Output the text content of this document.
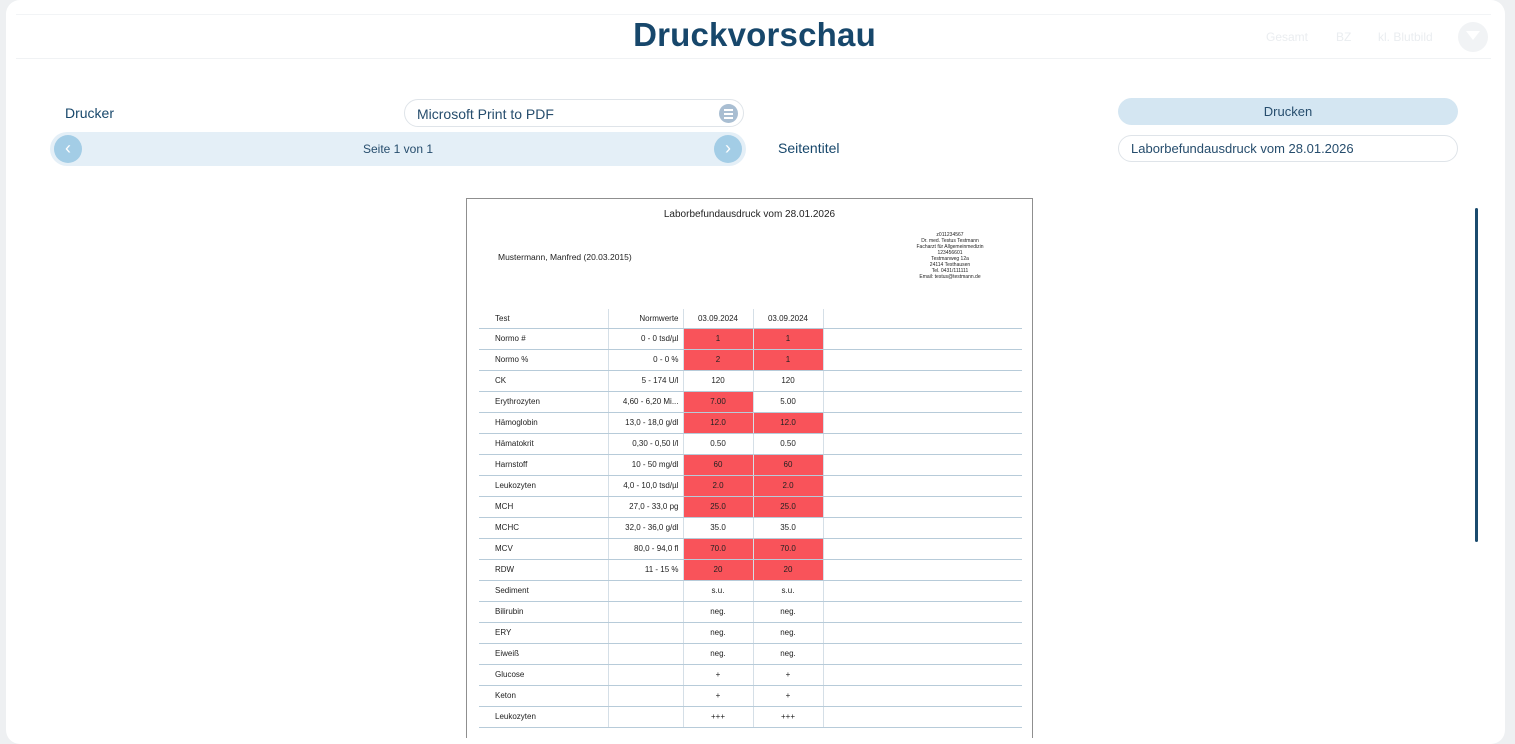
Druckvorschau	Gesamt BZ kl. Blutbild
Drucker	Microsoft Print to PDF
‹	Seite 1 von 1	›	Seitentitel
Drucken
Laborbefundausdruck vom 28.01.2026
Laborbefundausdruck vom 28.01.2026
Mustermann, Manfred (20.03.2015)
z011234567
Dr. med. Testus Testmann
Facharzt für Allgemeinmedizin
123456601
Testmanweg 12a
24114 Testhausen
Tel. 0431/111111
Email: testus@testmann.de
Test	Normwerte	03.09.2024	03.09.2024	
Normo #	0 - 0 tsd/µl	1	1	
Normo %	0 - 0 %	2	1	
CK	5 - 174 U/l	120	120	
Erythrozyten	4,60 - 6,20 Mi...	7.00	5.00	
Hämoglobin	13,0 - 18,0 g/dl	12.0	12.0	
Hämatokrit	0,30 - 0,50 l/l	0.50	0.50	
Harnstoff	10 - 50 mg/dl	60	60	
Leukozyten	4,0 - 10,0 tsd/µl	2.0	2.0	
MCH	27,0 - 33,0 pg	25.0	25.0	
MCHC	32,0 - 36,0 g/dl	35.0	35.0	
MCV	80,0 - 94,0 fl	70.0	70.0	
RDW	11 - 15 %	20	20	
Sediment		s.u.	s.u.	
Bilirubin		neg.	neg.	
ERY		neg.	neg.	
Eiweiß		neg.	neg.	
Glucose		+	+	
Keton		+	+	
Leukozyten		+++	+++	
